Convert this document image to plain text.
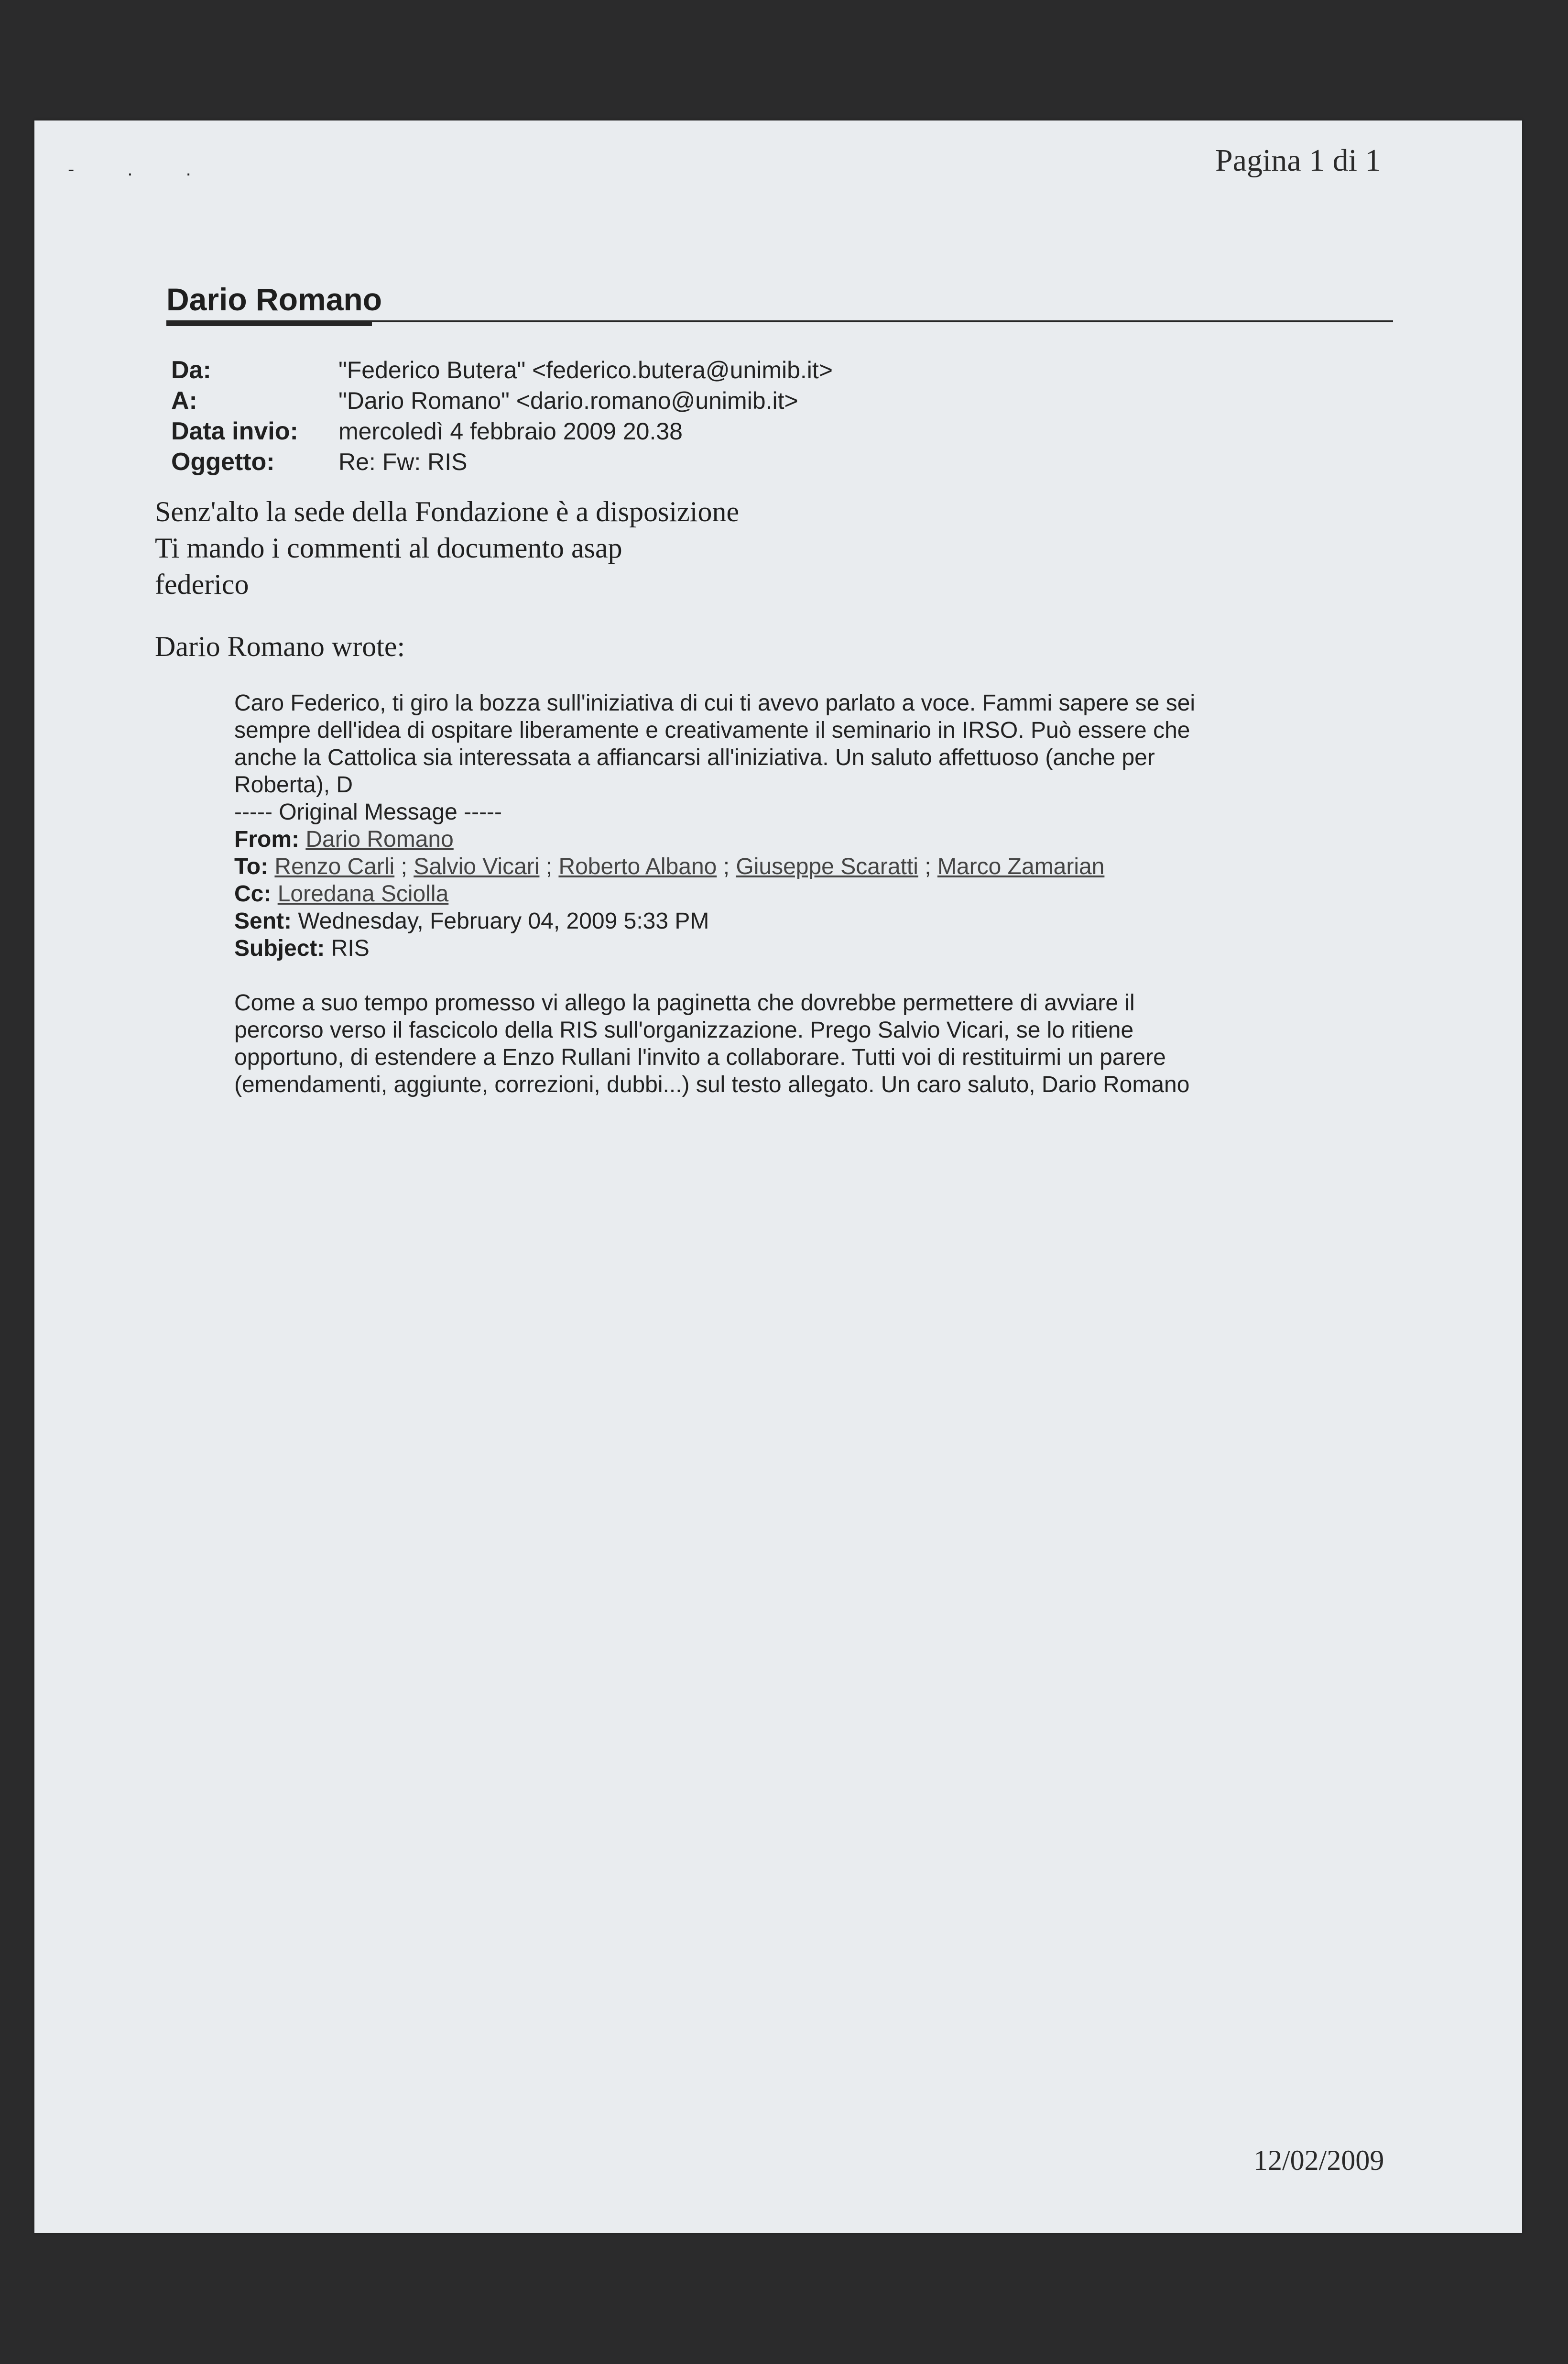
- . .	Pagina 1 di 1
Dario Romano
Da:	"Federico Butera" <federico.butera@unimib.it>
A:	"Dario Romano" <dario.romano@unimib.it>
Data invio:	mercoledì 4 febbraio 2009 20.38
Oggetto:	Re: Fw: RIS
Senz'alto la sede della Fondazione è a disposizione
Ti mando i commenti al documento asap
federico
Dario Romano wrote:
Caro Federico, ti giro la bozza sull'iniziativa di cui ti avevo parlato a voce. Fammi sapere se sei
sempre dell'idea di ospitare liberamente e creativamente il seminario in IRSO. Può essere che
anche la Cattolica sia interessata a affiancarsi all'iniziativa. Un saluto affettuoso (anche per
Roberta), D
----- Original Message -----
From: Dario Romano
To: Renzo Carli ; Salvio Vicari ; Roberto Albano ; Giuseppe Scaratti ; Marco Zamarian
Cc: Loredana Sciolla
Sent: Wednesday, February 04, 2009 5:33 PM
Subject: RIS
Come a suo tempo promesso vi allego la paginetta che dovrebbe permettere di avviare il
percorso verso il fascicolo della RIS sull'organizzazione. Prego Salvio Vicari, se lo ritiene
opportuno, di estendere a Enzo Rullani l'invito a collaborare. Tutti voi di restituirmi un parere
(emendamenti, aggiunte, correzioni, dubbi...) sul testo allegato. Un caro saluto, Dario Romano
12/02/2009
